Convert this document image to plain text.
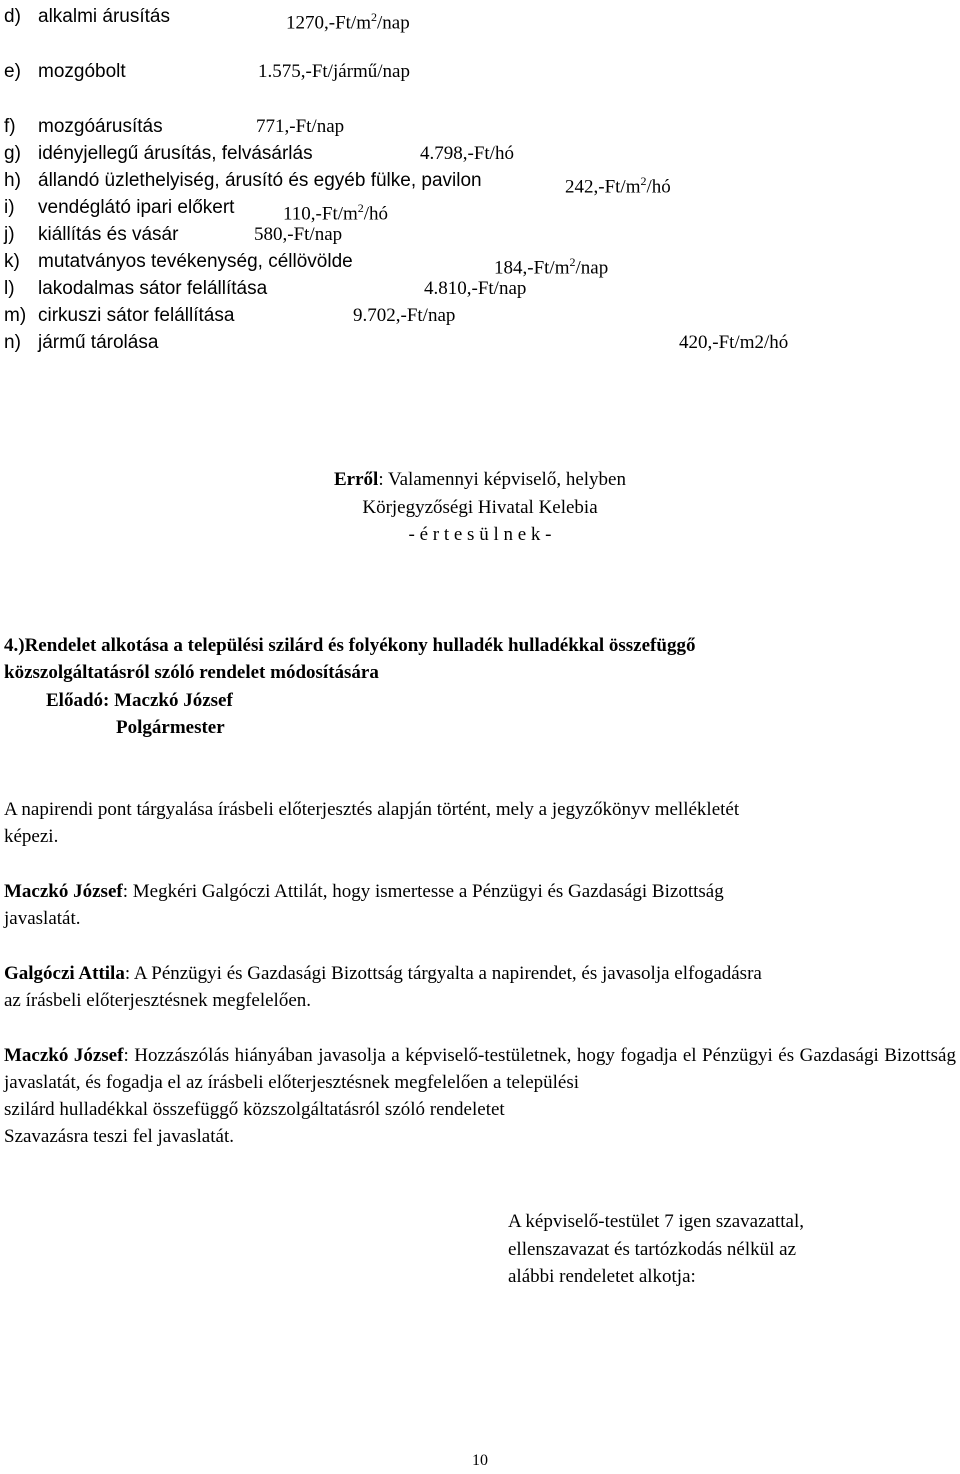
d) alkalmi árusítás	$1270,-Ft/m^2$/nap
e) mozgóbolt	1.575,-Ft/jármű/nap
f) mozgóárusítás	771,-Ft/nap
g) idényjellegű árusítás, felvásárlás	4.798,-Ft/hó
h) állandó üzlethelyiség, árusító és egyéb fülke, pavilon	$242,-Ft/m^2/hó$
i) vendéglátó ipari előkert	$110,-Ft/m^2/hó$
j) kiállítás és vásár	580,-Ft/nap
k) mutatványos tevékenység, céllövölde	$184,-Ft/m^2$/nap
l) lakodalmas sátor felállítása	4.810,-Ft/nap
m) cirkuszi sátor felállítása	9.702,-Ft/nap
n) jármű tárolása	420,-Ft/m2/hó
Erről: Valamennyi képviselő, helyben
Körjegyzőségi Hivatal Kelebia
- é r t e s ü l n e k -
4.)Rendelet alkotása a települési szilárd és folyékony hulladék hulladékkal összefüggő
közszolgáltatásról szóló rendelet módosítására
Előadó: Maczkó József
Polgármester
A napirendi pont tárgyalása írásbeli előterjesztés alapján történt, mely a jegyzőkönyv mellékletét
képezi.
Maczkó József: Megkéri Galgóczi Attilát, hogy ismertesse a Pénzügyi és Gazdasági Bizottság
javaslatát.
Galgóczi Attila: A Pénzügyi és Gazdasági Bizottság tárgyalta a napirendet, és javasolja elfogadásra
az írásbeli előterjesztésnek megfelelően.
Maczkó József: Hozzászólás hiányában javasolja a képviselő-testületnek, hogy fogadja el Pénzügyi és Gazdasági Bizottság javaslatát, és fogadja el az írásbeli előterjesztésnek megfelelően a települési
szilárd hulladékkal összefüggő közszolgáltatásról szóló rendeletet
Szavazásra teszi fel javaslatát.
A képviselő-testület 7 igen szavazattal,
ellenszavazat és tartózkodás nélkül az
alábbi rendeletet alkotja:
10
